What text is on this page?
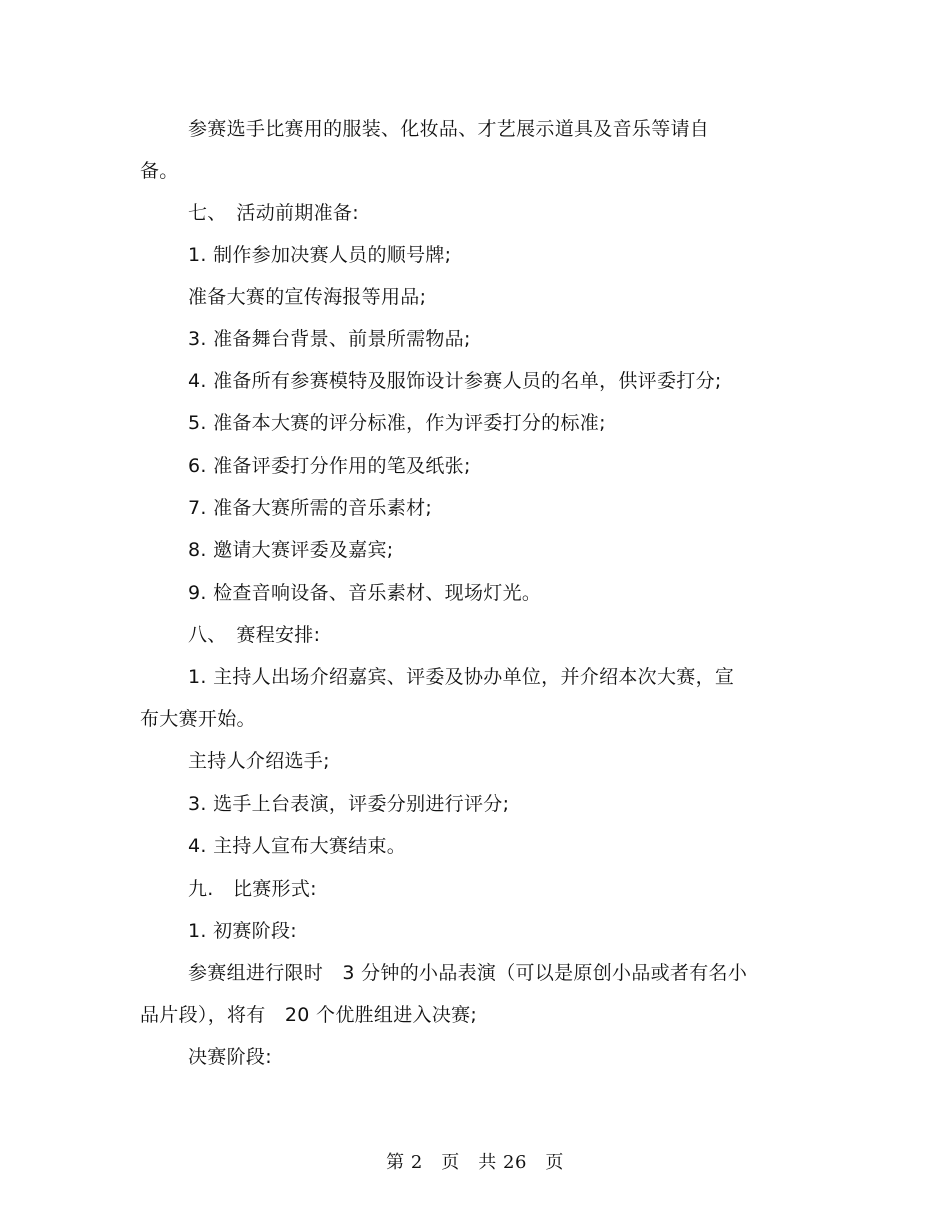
参赛选手比赛用的服装、化妆品、才艺展示道具及音乐等请自
备。
七、　活动前期准备:
1. 制作参加决赛人员的顺号牌;
准备大赛的宣传海报等用品;
3. 准备舞台背景、前景所需物品;
4. 准备所有参赛模特及服饰设计参赛人员的名单，供评委打分;
5. 准备本大赛的评分标准，作为评委打分的标准;
6. 准备评委打分作用的笔及纸张;
7. 准备大赛所需的音乐素材;
8. 邀请大赛评委及嘉宾;
9. 检查音响设备、音乐素材、现场灯光。
八、　赛程安排:
1. 主持人出场介绍嘉宾、评委及协办单位，并介绍本次大赛，宣
布大赛开始。
主持人介绍选手;
3. 选手上台表演，评委分别进行评分;
4. 主持人宣布大赛结束。
九.　比赛形式:
1. 初赛阶段:
参赛组进行限时　3 分钟的小品表演（可以是原创小品或者有名小
品片段），将有　20 个优胜组进入决赛;
决赛阶段:
第 2　页　共 26　页
